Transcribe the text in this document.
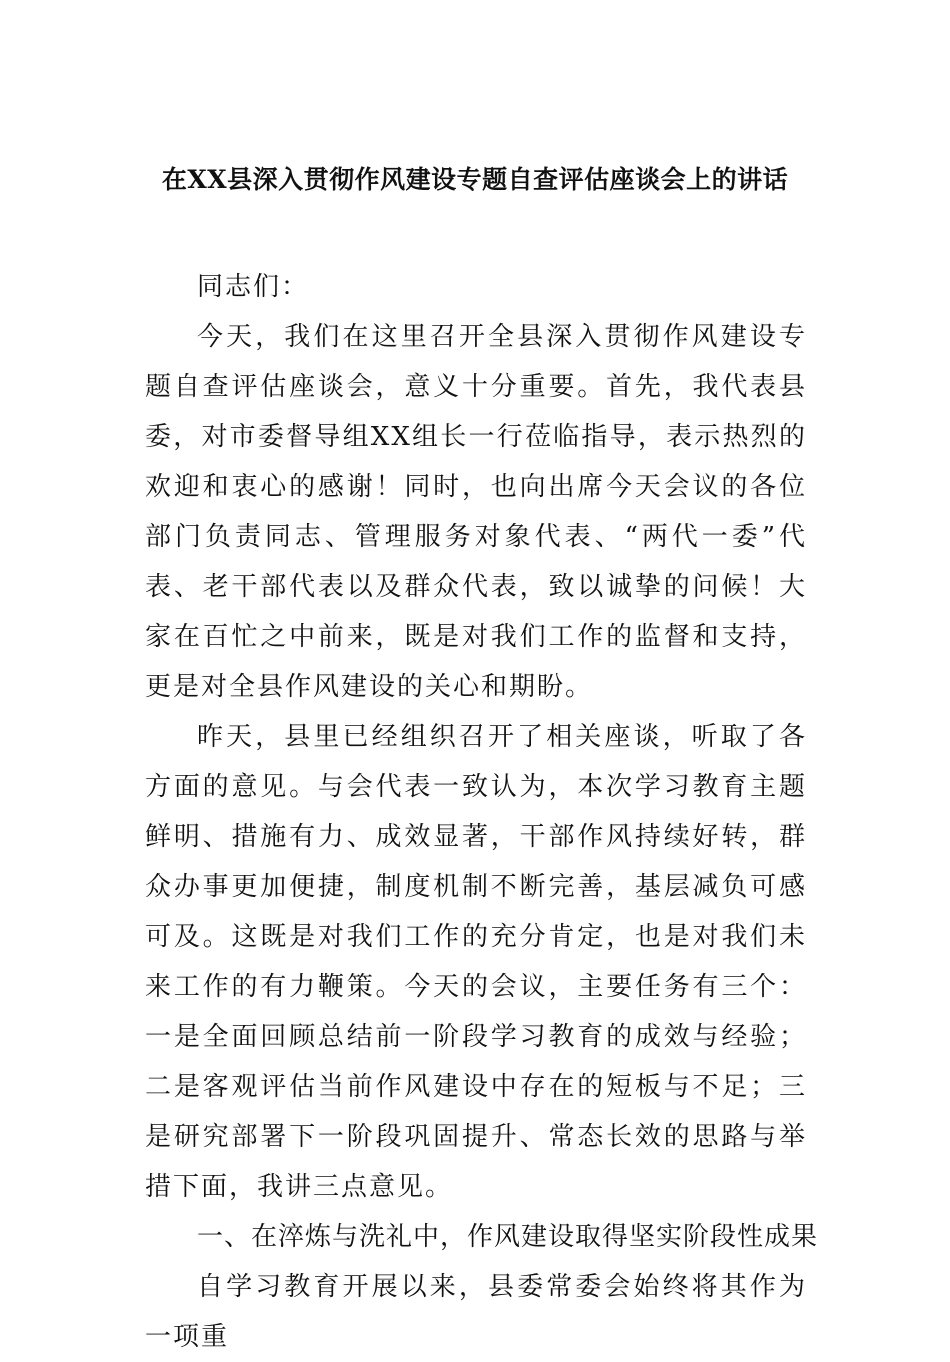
在XX县深入贯彻作风建设专题自查评估座谈会上的讲话

同志们：

今天，我们在这里召开全县深入贯彻作风建设专题自查评估座谈会，意义十分重要。首先，我代表县委，对市委督导组XX组长一行莅临指导，表示热烈的欢迎和衷心的感谢！同时，也向出席今天会议的各位部门负责同志、管理服务对象代表、“两代一委”代表、老干部代表以及群众代表，致以诚挚的问候！大家在百忙之中前来，既是对我们工作的监督和支持，更是对全县作风建设的关心和期盼。

昨天，县里已经组织召开了相关座谈，听取了各方面的意见。与会代表一致认为，本次学习教育主题鲜明、措施有力、成效显著，干部作风持续好转，群众办事更加便捷，制度机制不断完善，基层减负可感可及。这既是对我们工作的充分肯定，也是对我们未来工作的有力鞭策。今天的会议，主要任务有三个：一是全面回顾总结前一阶段学习教育的成效与经验；二是客观评估当前作风建设中存在的短板与不足；三是研究部署下一阶段巩固提升、常态长效的思路与举措下面，我讲三点意见。

一、在淬炼与洗礼中，作风建设取得坚实阶段性成果

自学习教育开展以来，县委常委会始终将其作为一项重
